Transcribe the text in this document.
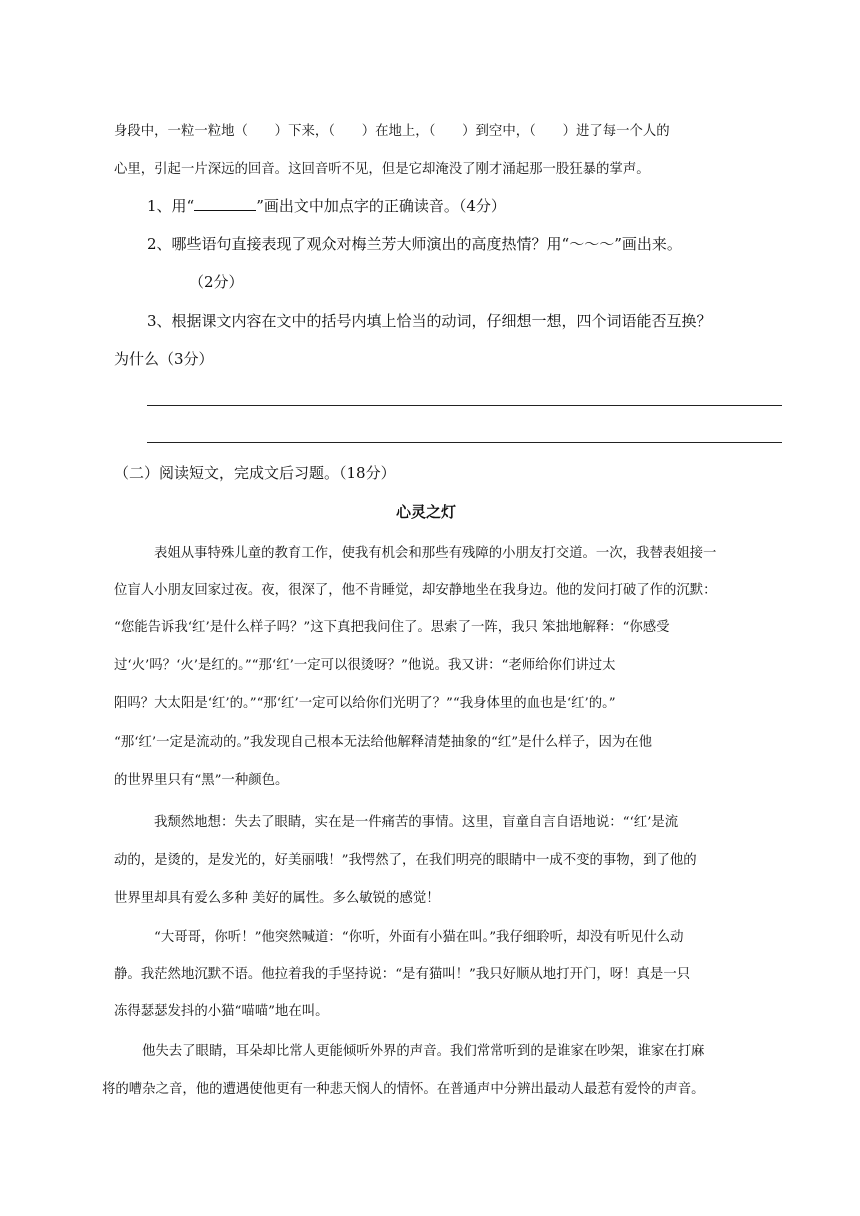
身段中，一粒一粒地（　　）下来，（　　）在地上，（　　）到空中，（　　）进了每一个人的
心里，引起一片深远的回音。这回音听不见，但是它却淹没了刚才涌起那一股狂暴的掌声。
1、用“	”画出文中加点字的正确读音。（4分）
2、哪些语句直接表现了观众对梅兰芳大师演出的高度热情？用“～～～”画出来。
（2分）
3、根据课文内容在文中的括号内填上恰当的动词，仔细想一想，四个词语能否互换？
为什么（3分）
（二）阅读短文，完成文后习题。（18分）
心灵之灯
表姐从事特殊儿童的教育工作，使我有机会和那些有残障的小朋友打交道。一次，我替表姐接一
位盲人小朋友回家过夜。夜，很深了，他不肯睡觉，却安静地坐在我身边。他的发问打破了作的沉默：
“您能告诉我‘红’是什么样子吗？”这下真把我问住了。思索了一阵，我只 笨拙地解释：“你感受
过‘火’吗？‘火’是红的。”“那‘红’一定可以很烫呀？”他说。我又讲：“老师给你们讲过太
阳吗？大太阳是‘红’的。”“那‘红’一定可以给你们光明了？”“我身体里的血也是‘红’的。”
“那‘红’一定是流动的。”我发现自己根本无法给他解释清楚抽象的“红”是什么样子，因为在他
的世界里只有“黑”一种颜色。
我颓然地想：失去了眼睛，实在是一件痛苦的事情。这里，盲童自言自语地说：“‘红’是流
动的，是烫的，是发光的，好美丽哦！”我愕然了，在我们明亮的眼睛中一成不变的事物，到了他的
世界里却具有爱么多种 美好的属性。多么敏锐的感觉！
“大哥哥，你听！”他突然喊道：“你听，外面有小猫在叫。”我仔细聆听，却没有听见什么动
静。我茫然地沉默不语。他拉着我的手坚持说：“是有猫叫！”我只好顺从地打开门，呀！真是一只
冻得瑟瑟发抖的小猫“喵喵”地在叫。
他失去了眼睛，耳朵却比常人更能倾听外界的声音。我们常常听到的是谁家在吵架，谁家在打麻
将的嘈杂之音，他的遭遇使他更有一种悲天悯人的情怀。在普通声中分辨出最动人最惹有爱怜的声音。
